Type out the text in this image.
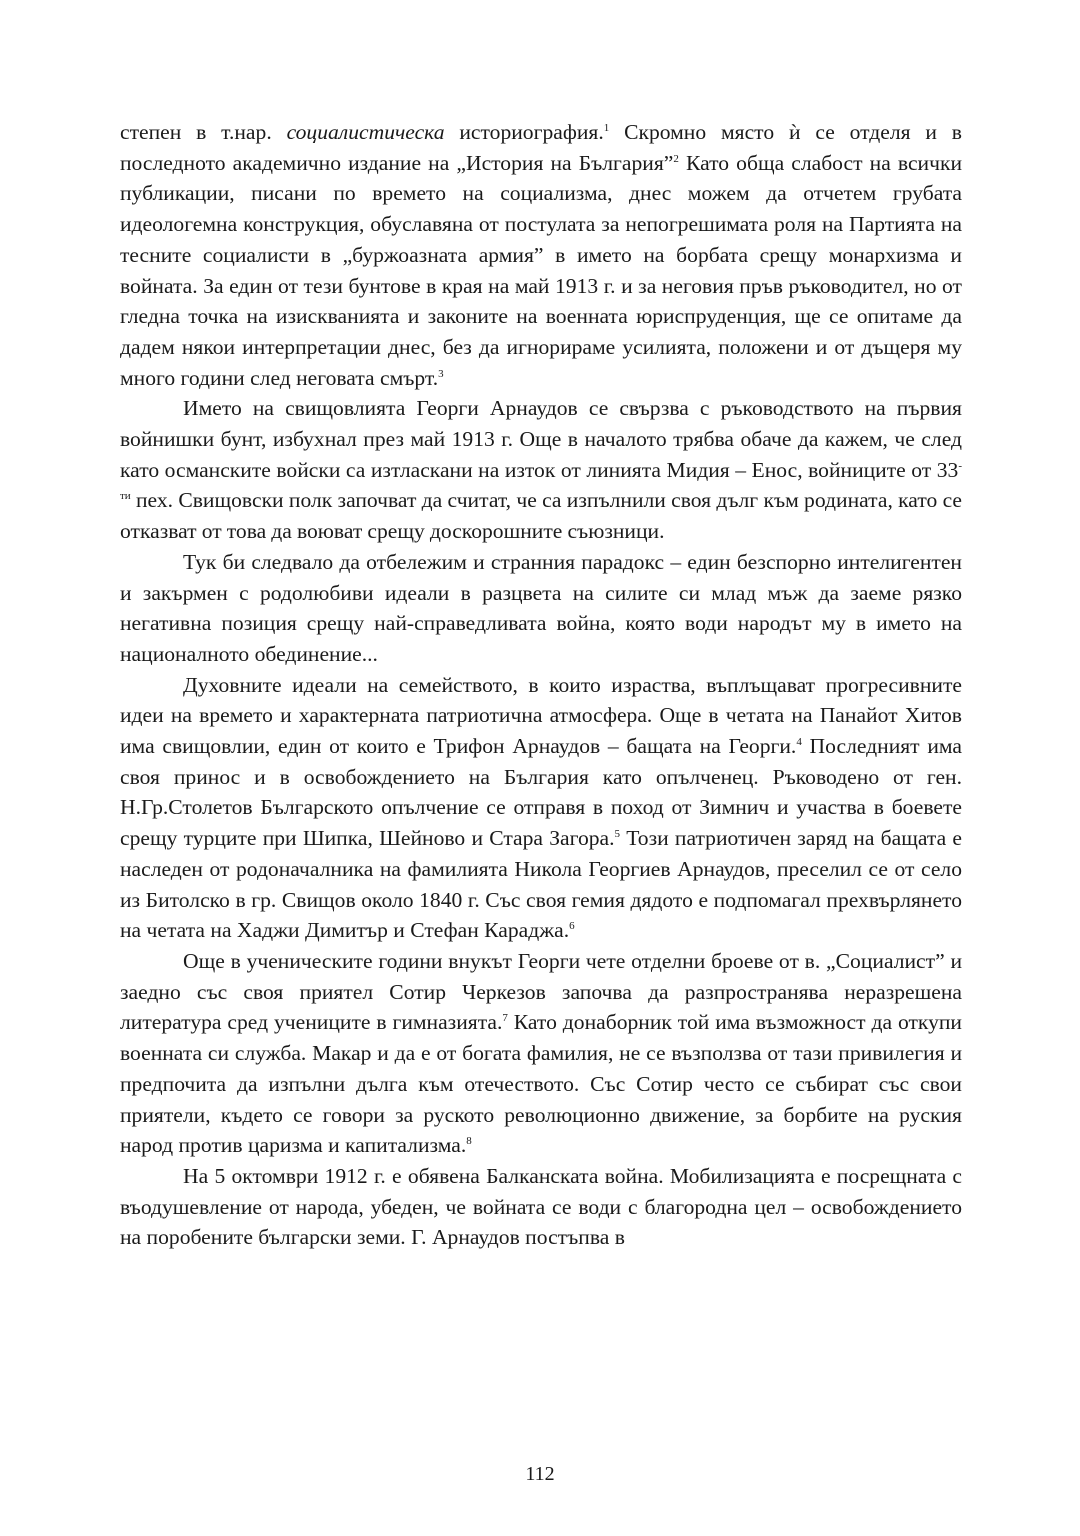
степен в т.нар. социалистическа историография.$^1$ Скромно място ѝ се отделя и в последното академично издание на „История на България”$^2$ Като обща слабост на всички публикации, писани по времето на социализма, днес можем да отчетем грубата идеологемна конструкция, обуславяна от постулата за непогрешимата роля на Партията на тесните социалисти в „буржоазната армия” в името на борбата срещу монархизма и войната. За един от тези бунтове в края на май 1913 г. и за неговия пръв ръководител, но от гледна точка на изискванията и законите на военната юриспруденция, ще се опитаме да дадем някои интерпретации днес, без да игнорираме усилията, положени и от дъщеря му много години след неговата смърт.$^3$

Името на свищовлията Георги Арнаудов се свързва с ръководството на първия войнишки бунт, избухнал през май 1913 г. Още в началото трябва обаче да кажем, че след като османските войски са изтласкани на изток от линията Мидия – Енос, войниците от $33^{-ти}$ пех. Свищовски полк започват да считат, че са изпълнили своя дълг към родината, като се отказват от това да воюват срещу доскорошните съюзници.

Тук би следвало да отбележим и странния парадокс – един безспорно интелигентен и закърмен с родолюбиви идеали в разцвета на силите си млад мъж да заеме рязко негативна позиция срещу най-справедливата война, която води народът му в името на националното обединение...

Духовните идеали на семейството, в които израства, въплъщават прогресивните идеи на времето и характерната патриотична атмосфера. Още в четата на Панайот Хитов има свищовлии, един от които е Трифон Арнаудов – бащата на Георги.$^4$ Последният има своя принос и в освобождението на България като опълченец. Ръководено от ген. Н.Гр.Столетов Българското опълчение се отправя в поход от Зимнич и участва в боевете срещу турците при Шипка, Шейново и Стара Загора.$^5$ Този патриотичен заряд на бащата е наследен от родоначалника на фамилията Никола Георгиев Арнаудов, преселил се от село из Битолско в гр. Свищов около 1840 г. Със своя гемия дядото е подпомагал прехвърлянето на четата на Хаджи Димитър и Стефан Караджа.$^6$

Още в ученическите години внукът Георги чете отделни броеве от в. „Социалист” и заедно със своя приятел Сотир Черкезов започва да разпространява неразрешена литература сред учениците в гимназията.$^7$ Като донаборник той има възможност да откупи военната си служба. Макар и да е от богата фамилия, не се възползва от тази привилегия и предпочита да изпълни дълга към отечеството. Със Сотир често се събират със свои приятели, където се говори за руското революционно движение, за борбите на руския народ против царизма и капитализма.$^8$

На 5 октомври 1912 г. е обявена Балканската война. Мобилизацията е посрещната с въодушевление от народа, убеден, че войната се води с благородна цел – освобождението на поробените български земи. Г. Арнаудов постъпва в

112
